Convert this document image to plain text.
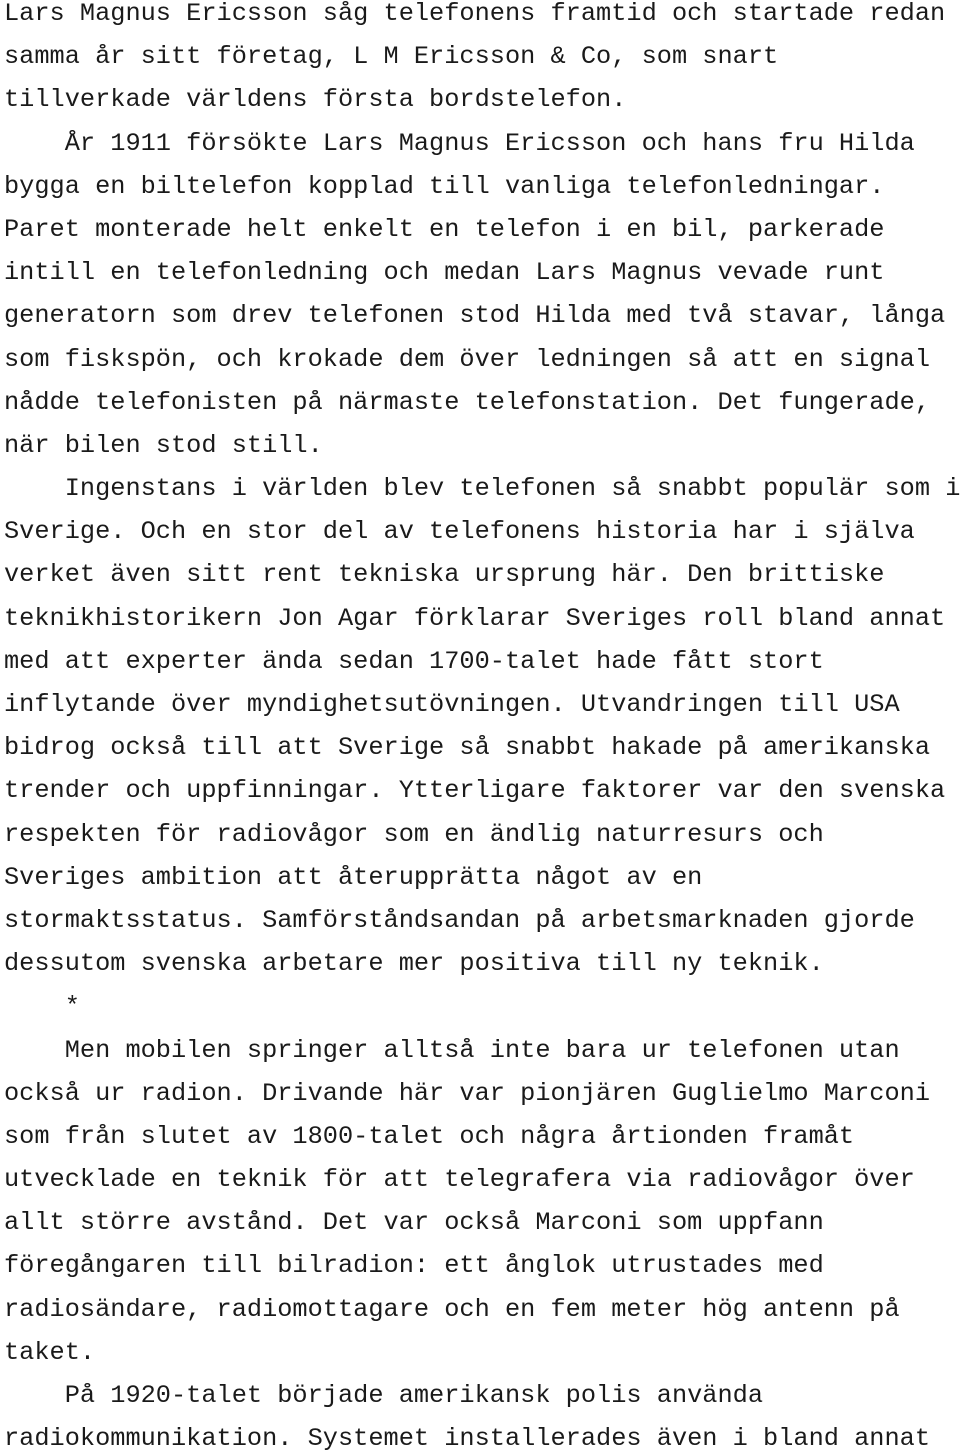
Lars Magnus Ericsson såg telefonens framtid och startade redan
samma år sitt företag, L M Ericsson & Co, som snart
tillverkade världens första bordstelefon.
År 1911 försökte Lars Magnus Ericsson och hans fru Hilda
bygga en biltelefon kopplad till vanliga telefonledningar.
Paret monterade helt enkelt en telefon i en bil, parkerade
intill en telefonledning och medan Lars Magnus vevade runt
generatorn som drev telefonen stod Hilda med två stavar, långa
som fiskspön, och krokade dem över ledningen så att en signal
nådde telefonisten på närmaste telefonstation. Det fungerade,
när bilen stod still.
Ingenstans i världen blev telefonen så snabbt populär som i
Sverige. Och en stor del av telefonens historia har i själva
verket även sitt rent tekniska ursprung här. Den brittiske
teknikhistorikern Jon Agar förklarar Sveriges roll bland annat
med att experter ända sedan 1700-talet hade fått stort
inflytande över myndighetsutövningen. Utvandringen till USA
bidrog också till att Sverige så snabbt hakade på amerikanska
trender och uppfinningar. Ytterligare faktorer var den svenska
respekten för radiovågor som en ändlig naturresurs och
Sveriges ambition att återupprätta något av en
stormaktsstatus. Samförståndsandan på arbetsmarknaden gjorde
dessutom svenska arbetare mer positiva till ny teknik.
*
Men mobilen springer alltså inte bara ur telefonen utan
också ur radion. Drivande här var pionjären Guglielmo Marconi
som från slutet av 1800-talet och några årtionden framåt
utvecklade en teknik för att telegrafera via radiovågor över
allt större avstånd. Det var också Marconi som uppfann
föregångaren till bilradion: ett ånglok utrustades med
radiosändare, radiomottagare och en fem meter hög antenn på
taket.
På 1920-talet började amerikansk polis använda
radiokommunikation. Systemet installerades även i bland annat
